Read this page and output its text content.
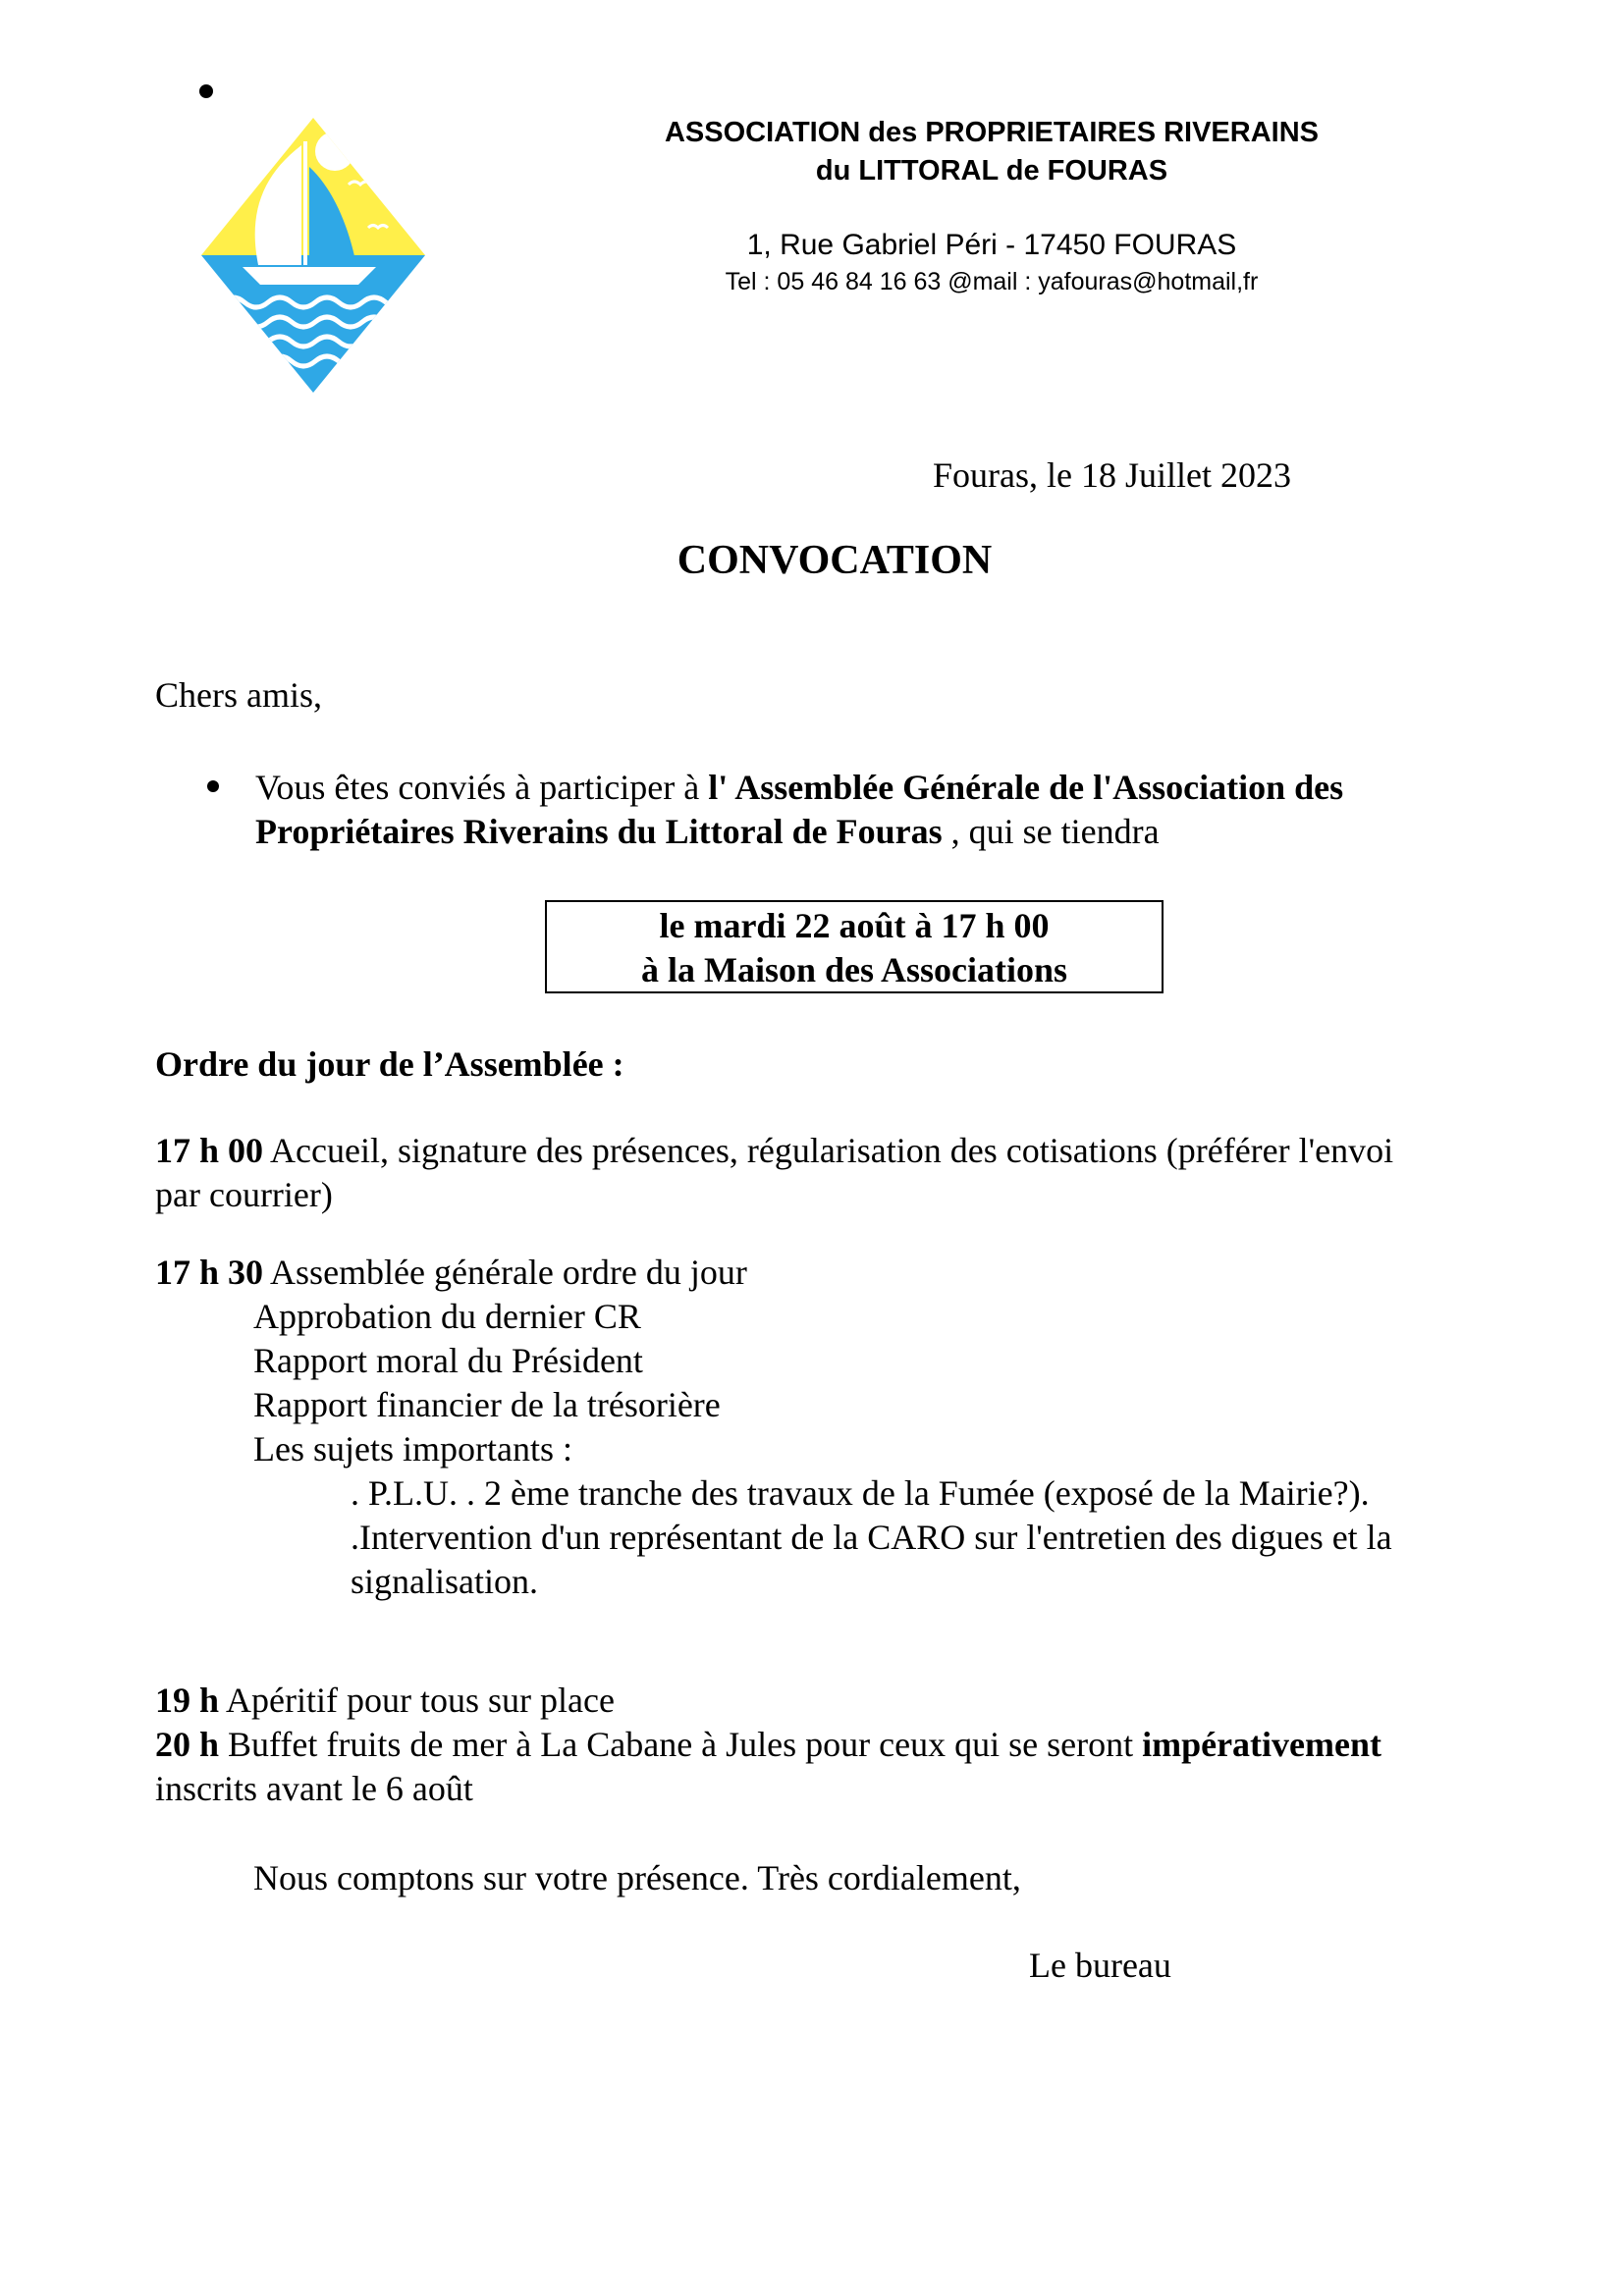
ASSOCIATION des PROPRIETAIRES RIVERAINS
du LITTORAL de FOURAS
1, Rue Gabriel Péri - 17450 FOURAS
Tel : 05 46 84 16 63 @mail : yafouras@hotmail,fr
Fouras, le 18 Juillet 2023
CONVOCATION
Chers amis,
Vous êtes conviés à participer à l' Assemblée Générale de l'Association des
Propriétaires Riverains du Littoral de Fouras , qui se tiendra
le mardi 22 août à 17 h 00
à la Maison des Associations
Ordre du jour de l’Assemblée :
17 h 00 Accueil, signature des présences, régularisation des cotisations (préférer l'envoi
par courrier)
17 h 30 Assemblée générale ordre du jour
Approbation du dernier CR
Rapport moral du Président
Rapport financier de la trésorière
Les sujets importants :
. P.L.U. . 2 ème tranche des travaux de la Fumée (exposé de la Mairie?).
.Intervention d'un représentant de la CARO sur l'entretien des digues et la
signalisation.
19 h Apéritif pour tous sur place
20 h Buffet fruits de mer à La Cabane à Jules pour ceux qui se seront impérativement
inscrits avant le 6 août
Nous comptons sur votre présence. Très cordialement,
Le bureau
